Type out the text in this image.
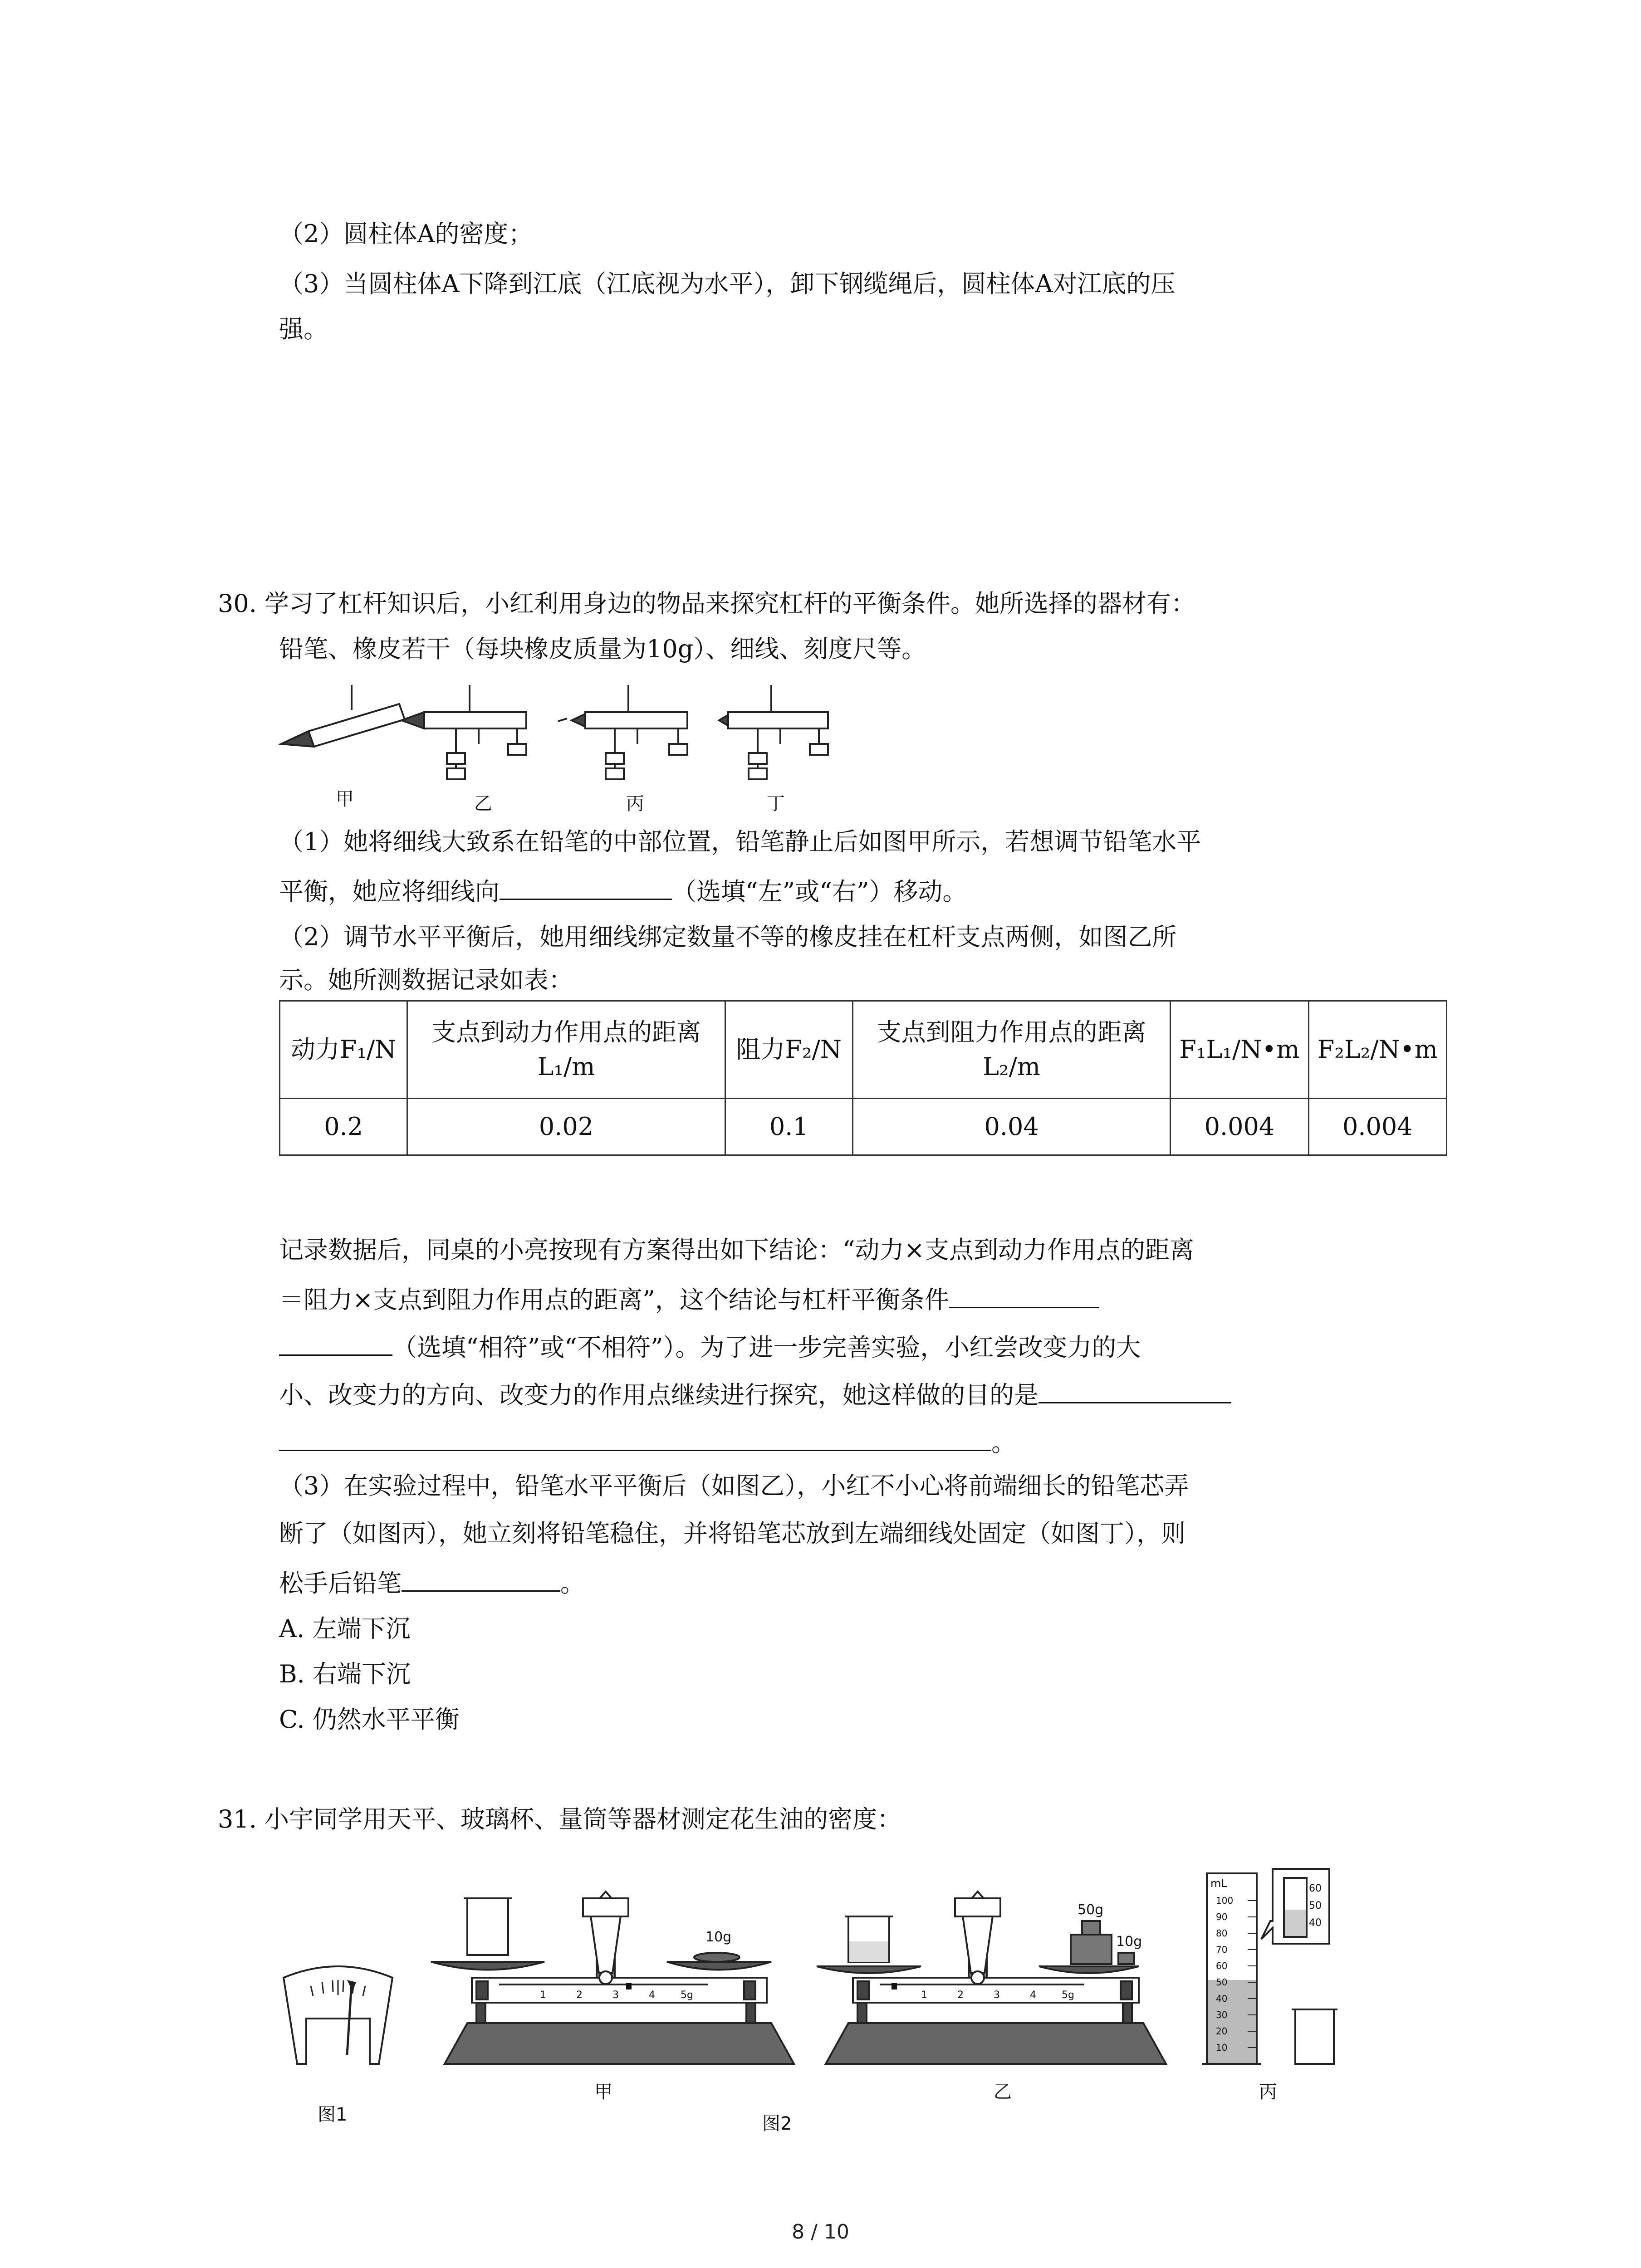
（2）圆柱体A的密度；
（3）当圆柱体A下降到江底（江底视为水平），卸下钢缆绳后，圆柱体A对江底的压
强。
30. 学习了杠杆知识后，小红利用身边的物品来探究杠杆的平衡条件。她所选择的器材有：
铅笔、橡皮若干（每块橡皮质量为10g）、细线、刻度尺等。
甲	乙	丙	丁
（1）她将细线大致系在铅笔的中部位置，铅笔静止后如图甲所示，若想调节铅笔水平
平衡，她应将细线向	（选填“左”或“右”）移动。
（2）调节水平平衡后，她用细线绑定数量不等的橡皮挂在杠杆支点两侧，如图乙所
示。她所测数据记录如表：
动力F₁/N	支点到动力作用点的距离L₁/m	阻力F₂/N	支点到阻力作用点的距离L₂/m	F₁L₁/N•m	F₂L₂/N•m
0.2	0.02	0.1	0.04	0.004	0.004
记录数据后，同桌的小亮按现有方案得出如下结论：“动力×支点到动力作用点的距离
＝阻力×支点到阻力作用点的距离”，这个结论与杠杆平衡条件
（选填“相符”或“不相符”）。为了进一步完善实验，小红尝改变力的大
小、改变力的方向、改变力的作用点继续进行探究，她这样做的目的是
。
（3）在实验过程中，铅笔水平平衡后（如图乙），小红不小心将前端细长的铅笔芯弄
断了（如图丙），她立刻将铅笔稳住，并将铅笔芯放到左端细线处固定（如图丁），则
松手后铅笔	。
A. 左端下沉
B. 右端下沉
C. 仍然水平平衡
31. 小宇同学用天平、玻璃杯、量筒等器材测定花生油的密度：
图1
1	2	3	4	5g
10g
甲
1	2	3	4	5g
50g
10g
乙
图2
mL
100
90
80
70
60
50
40
30
20
10
60
50
40
丙
8 / 10
